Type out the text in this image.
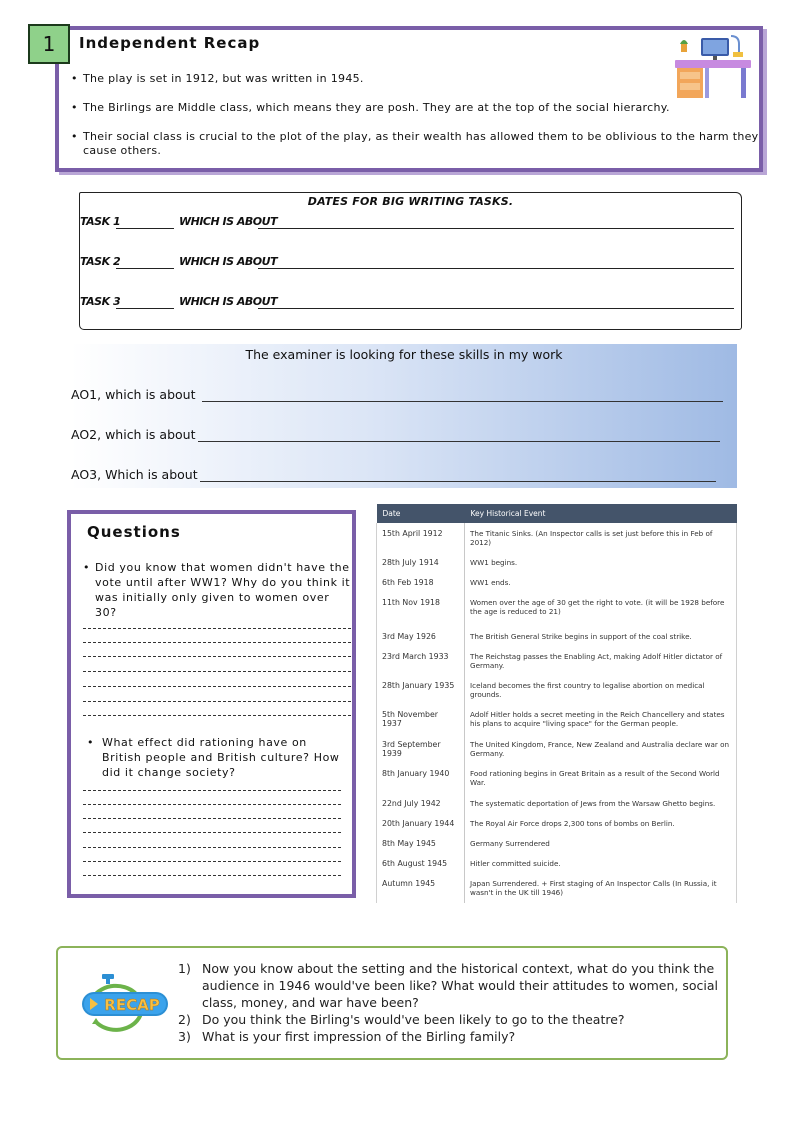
1	Independent Recap
• The play is set in 1912, but was written in 1945.
• The Birlings are Middle class, which means they are posh. They are at the top of the social hierarchy.
• Their social class is crucial to the plot of the play, as their wealth has allowed them to be oblivious to the harm they cause others.
DATES FOR BIG WRITING TASKS.
TASK 1	WHICH IS ABOUT
TASK 2	WHICH IS ABOUT
TASK 3	WHICH IS ABOUT
The examiner is looking for these skills in my work
AO1, which is about
AO2, which is about
AO3, Which is about
Questions
• Did you know that women didn't have the vote until after WW1? Why do you think it was initially only given to women over 30?
• What effect did rationing have on British people and British culture? How did it change society?
Date	Key Historical Event
15th April 1912	The Titanic Sinks. (An Inspector calls is set just before this in Feb of 2012)
28th July 1914	WW1 begins.
6th Feb 1918	WW1 ends.
11th Nov 1918	Women over the age of 30 get the right to vote. (it will be 1928 before the age is reduced to 21)
3rd May 1926	The British General Strike begins in support of the coal strike.
23rd March 1933	The Reichstag passes the Enabling Act, making Adolf Hitler dictator of Germany.
28th January 1935	Iceland becomes the first country to legalise abortion on medical grounds.
5th November 1937	Adolf Hitler holds a secret meeting in the Reich Chancellery and states his plans to acquire "living space" for the German people.
3rd September 1939	The United Kingdom, France, New Zealand and Australia declare war on Germany.
8th January 1940	Food rationing begins in Great Britain as a result of the Second World War.
22nd July 1942	The systematic deportation of Jews from the Warsaw Ghetto begins.
20th January 1944	The Royal Air Force drops 2,300 tons of bombs on Berlin.
8th May 1945	Germany Surrendered
6th August 1945	Hitler committed suicide.
Autumn 1945	Japan Surrendered. + First staging of An Inspector Calls (In Russia, it wasn't in the UK till 1946)
RECAP
1) Now you know about the setting and the historical context, what do you think the audience in 1946 would've been like? What would their attitudes to women, social class, money, and war have been?
2) Do you think the Birling's would've been likely to go to the theatre?
3) What is your first impression of the Birling family?
